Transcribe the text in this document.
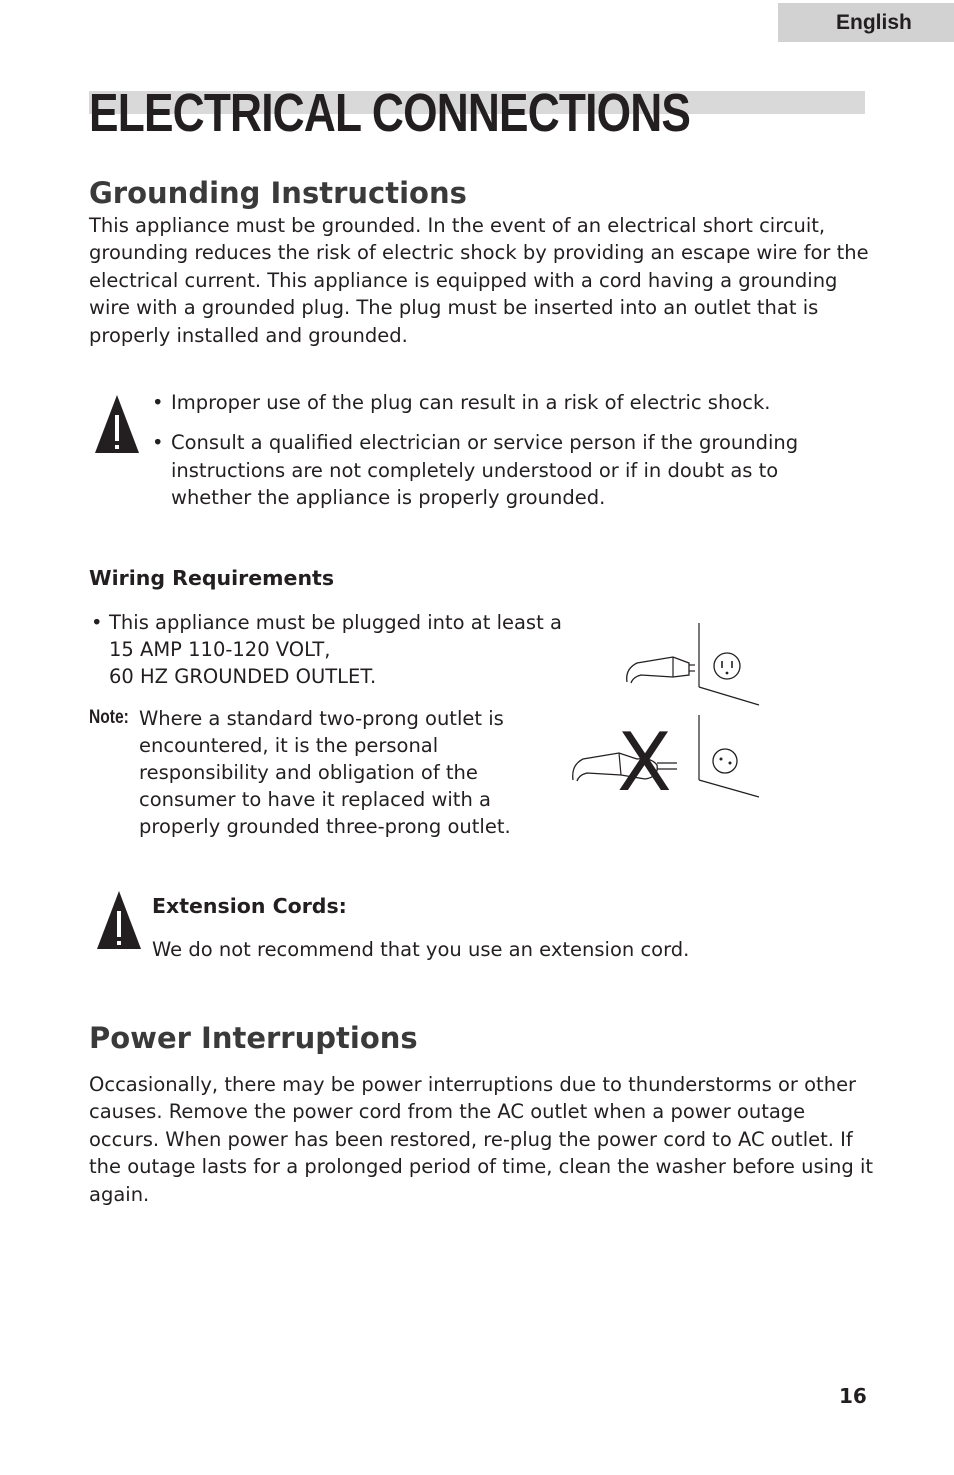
English
ELECTRICAL CONNECTIONS
Grounding Instructions

This appliance must be grounded. In the event of an electrical short circuit, grounding reduces the risk of electric shock by providing an escape wire for the electrical current. This appliance is equipped with a cord having a grounding wire with a grounded plug. The plug must be inserted into an outlet that is properly installed and grounded.

• Improper use of the plug can result in a risk of electric shock.
• Consult a qualified electrician or service person if the grounding
instructions are not completely understood or if in doubt as to
whether the appliance is properly grounded.
Wiring Requirements

• This appliance must be plugged into at least a
15 AMP 110-120 VOLT,
60 HZ GROUNDED OUTLET.

Note: Where a standard two-prong outlet is
encountered, it is the personal
responsibility and obligation of the
consumer to have it replaced with a
properly grounded three-prong outlet.

X
Extension Cords:

We do not recommend that you use an extension cord.

Power Interruptions

Occasionally, there may be power interruptions due to thunderstorms or other causes. Remove the power cord from the AC outlet when a power outage occurs. When power has been restored, re-plug the power cord to AC outlet. If the outage lasts for a prolonged period of time, clean the washer before using it again.

16
